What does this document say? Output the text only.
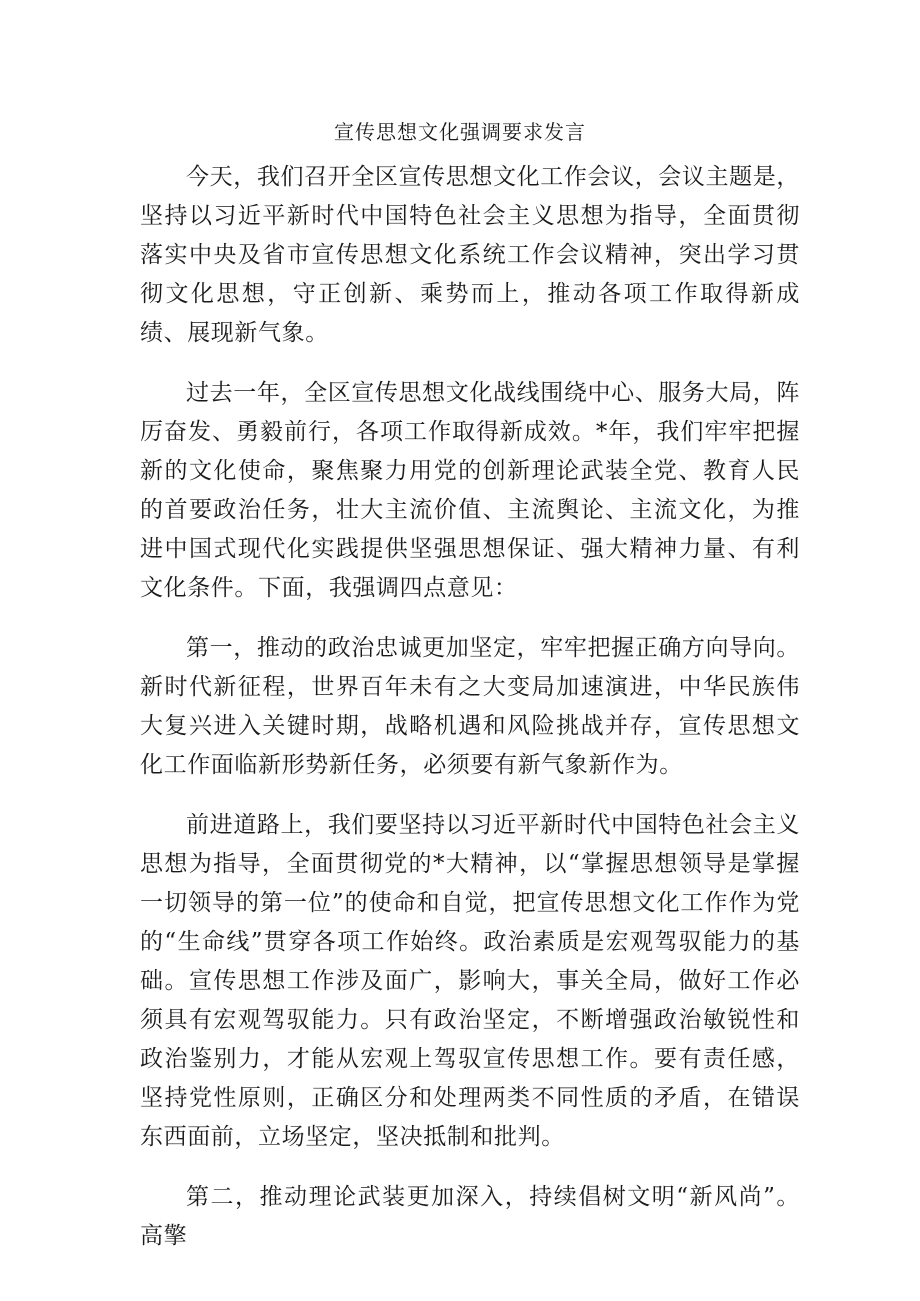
宣传思想文化强调要求发言

今天，我们召开全区宣传思想文化工作会议，会议主题是，坚持以习近平新时代中国特色社会主义思想为指导，全面贯彻落实中央及省市宣传思想文化系统工作会议精神，突出学习贯彻文化思想，守正创新、乘势而上，推动各项工作取得新成绩、展现新气象。

过去一年，全区宣传思想文化战线围绕中心、服务大局，阵厉奋发、勇毅前行，各项工作取得新成效。*年，我们牢牢把握新的文化使命，聚焦聚力用党的创新理论武装全党、教育人民的首要政治任务，壮大主流价值、主流舆论、主流文化，为推进中国式现代化实践提供坚强思想保证、强大精神力量、有利文化条件。下面，我强调四点意见：

第一，推动的政治忠诚更加坚定，牢牢把握正确方向导向。新时代新征程，世界百年未有之大变局加速演进，中华民族伟大复兴进入关键时期，战略机遇和风险挑战并存，宣传思想文化工作面临新形势新任务，必须要有新气象新作为。

前进道路上，我们要坚持以习近平新时代中国特色社会主义思想为指导，全面贯彻党的*大精神，以“掌握思想领导是掌握一切领导的第一位”的使命和自觉，把宣传思想文化工作作为党的“生命线”贯穿各项工作始终。政治素质是宏观驾驭能力的基础。宣传思想工作涉及面广，影响大，事关全局，做好工作必须具有宏观驾驭能力。只有政治坚定，不断增强政治敏锐性和政治鉴别力，才能从宏观上驾驭宣传思想工作。要有责任感，坚持党性原则，正确区分和处理两类不同性质的矛盾，在错误东西面前，立场坚定，坚决抵制和批判。

第二，推动理论武装更加深入，持续倡树文明“新风尚”。高擎
